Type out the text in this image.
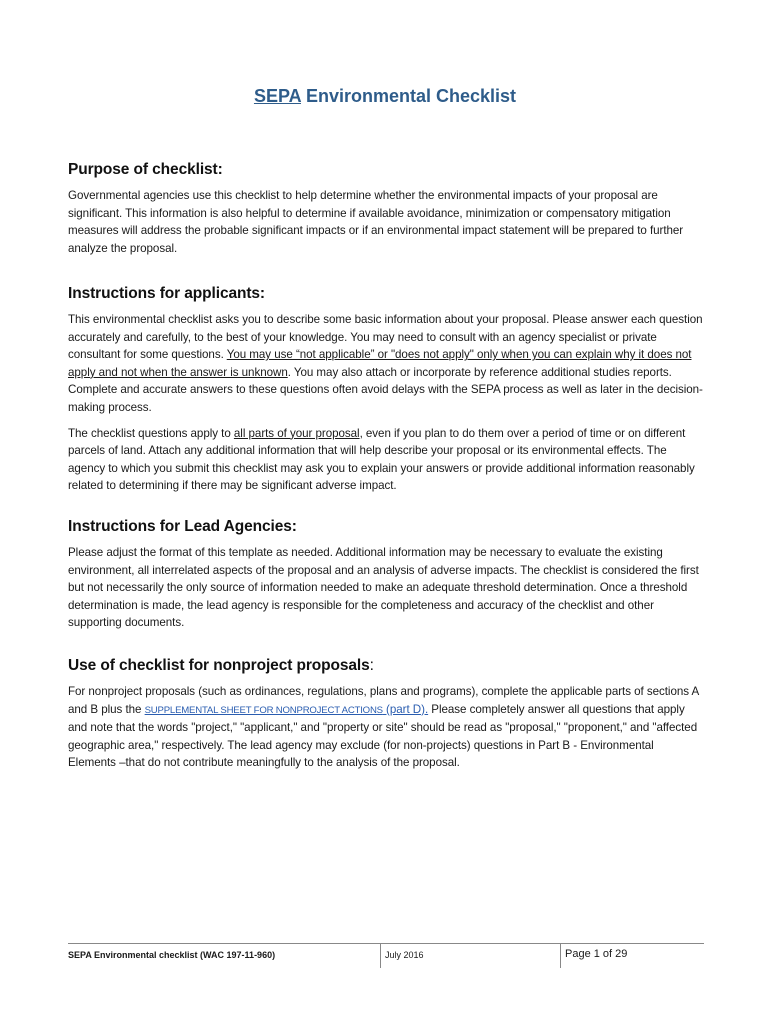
SEPA Environmental Checklist
Purpose of checklist:

Governmental agencies use this checklist to help determine whether the environmental impacts of your proposal are significant. This information is also helpful to determine if available avoidance, minimization or compensatory mitigation measures will address the probable significant impacts or if an environmental impact statement will be prepared to further analyze the proposal.

Instructions for applicants:

This environmental checklist asks you to describe some basic information about your proposal. Please answer each question accurately and carefully, to the best of your knowledge. You may need to consult with an agency specialist or private consultant for some questions. You may use “not applicable” or "does not apply" only when you can explain why it does not apply and not when the answer is unknown. You may also attach or incorporate by reference additional studies reports. Complete and accurate answers to these questions often avoid delays with the SEPA process as well as later in the decision-making process.

The checklist questions apply to all parts of your proposal, even if you plan to do them over a period of time or on different parcels of land. Attach any additional information that will help describe your proposal or its environmental effects. The agency to which you submit this checklist may ask you to explain your answers or provide additional information reasonably related to determining if there may be significant adverse impact.

Instructions for Lead Agencies:

Please adjust the format of this template as needed. Additional information may be necessary to evaluate the existing environment, all interrelated aspects of the proposal and an analysis of adverse impacts. The checklist is considered the first but not necessarily the only source of information needed to make an adequate threshold determination. Once a threshold determination is made, the lead agency is responsible for the completeness and accuracy of the checklist and other supporting documents.

Use of checklist for nonproject proposals:

For nonproject proposals (such as ordinances, regulations, plans and programs), complete the applicable parts of sections A and B plus the SUPPLEMENTAL SHEET FOR NONPROJECT ACTIONS (part D). Please completely answer all questions that apply and note that the words "project," "applicant," and "property or site" should be read as "proposal," "proponent," and "affected geographic area," respectively. The lead agency may exclude (for non-projects) questions in Part B - Environmental Elements –that do not contribute meaningfully to the analysis of the proposal.

SEPA Environmental checklist (WAC 197-11-960)	July 2016	Page 1 of 29
